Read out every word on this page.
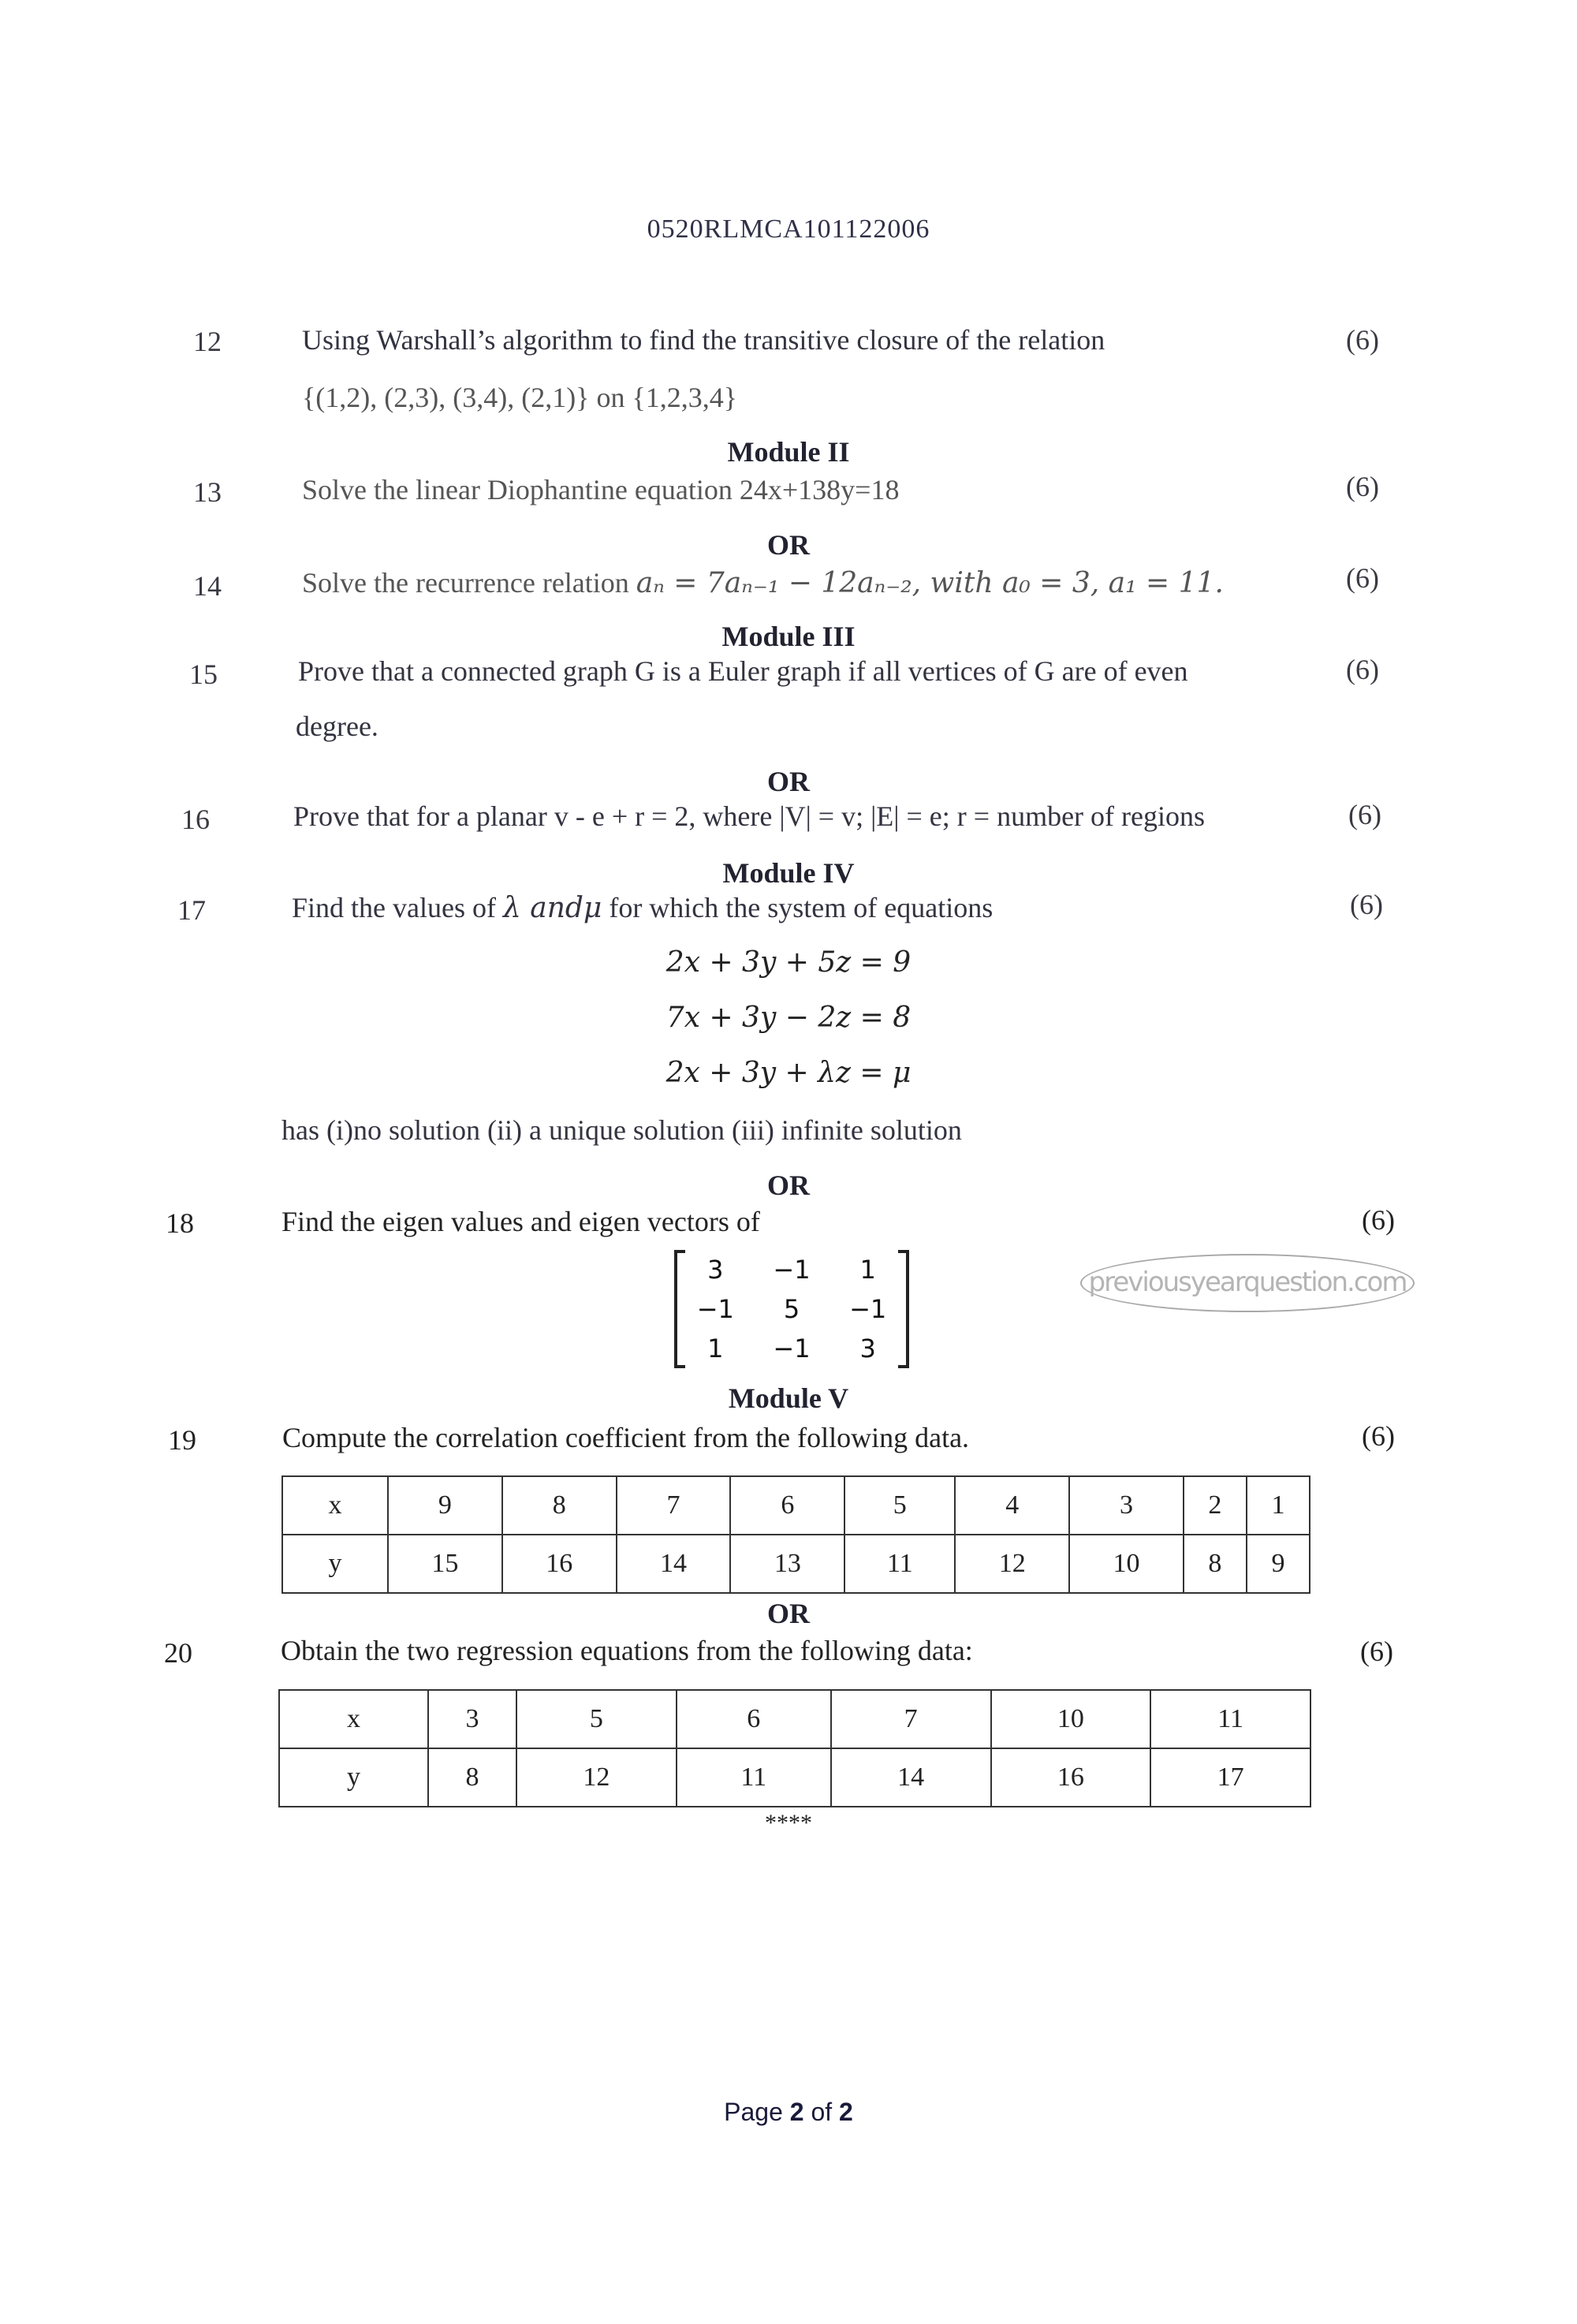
0520RLMCA101122006
12	Using Warshall’s algorithm to find the transitive closure of the relation
{(1,2), (2,3), (3,4), (2,1)} on {1,2,3,4}
(6)
Module II
13	Solve the linear Diophantine equation 24x+138y=18	(6)
OR
14	Solve the recurrence relation aₙ = 7aₙ₋₁ − 12aₙ₋₂, with a₀ = 3, a₁ = 11.	(6)
Module III
15	Prove that a connected graph G is a Euler graph if all vertices of G are of even
degree.
(6)
OR
16	Prove that for a planar v - e + r = 2, where |V| = v; |E| = e; r = number of regions	(6)
Module IV
17	Find the values of λ andμ for which the system of equations	(6)
2x + 3y + 5z = 9
7x + 3y − 2z = 8
2x + 3y + λz = μ
has (i)no solution (ii) a unique solution (iii) infinite solution
OR
18	Find the eigen values and eigen vectors of	(6)
3	−1	1
−1	5	−1
1	−1	3
previousyearquestion.com
Module V
19	Compute the correlation coefficient from the following data.	(6)
x	9	8	7	6	5	4	3	2	1
y	15	16	14	13	11	12	10	8	9
OR
20	Obtain the two regression equations from the following data:	(6)
x	3	5	6	7	10	11
y	8	12	11	14	16	17
****
Page 2 of 2
